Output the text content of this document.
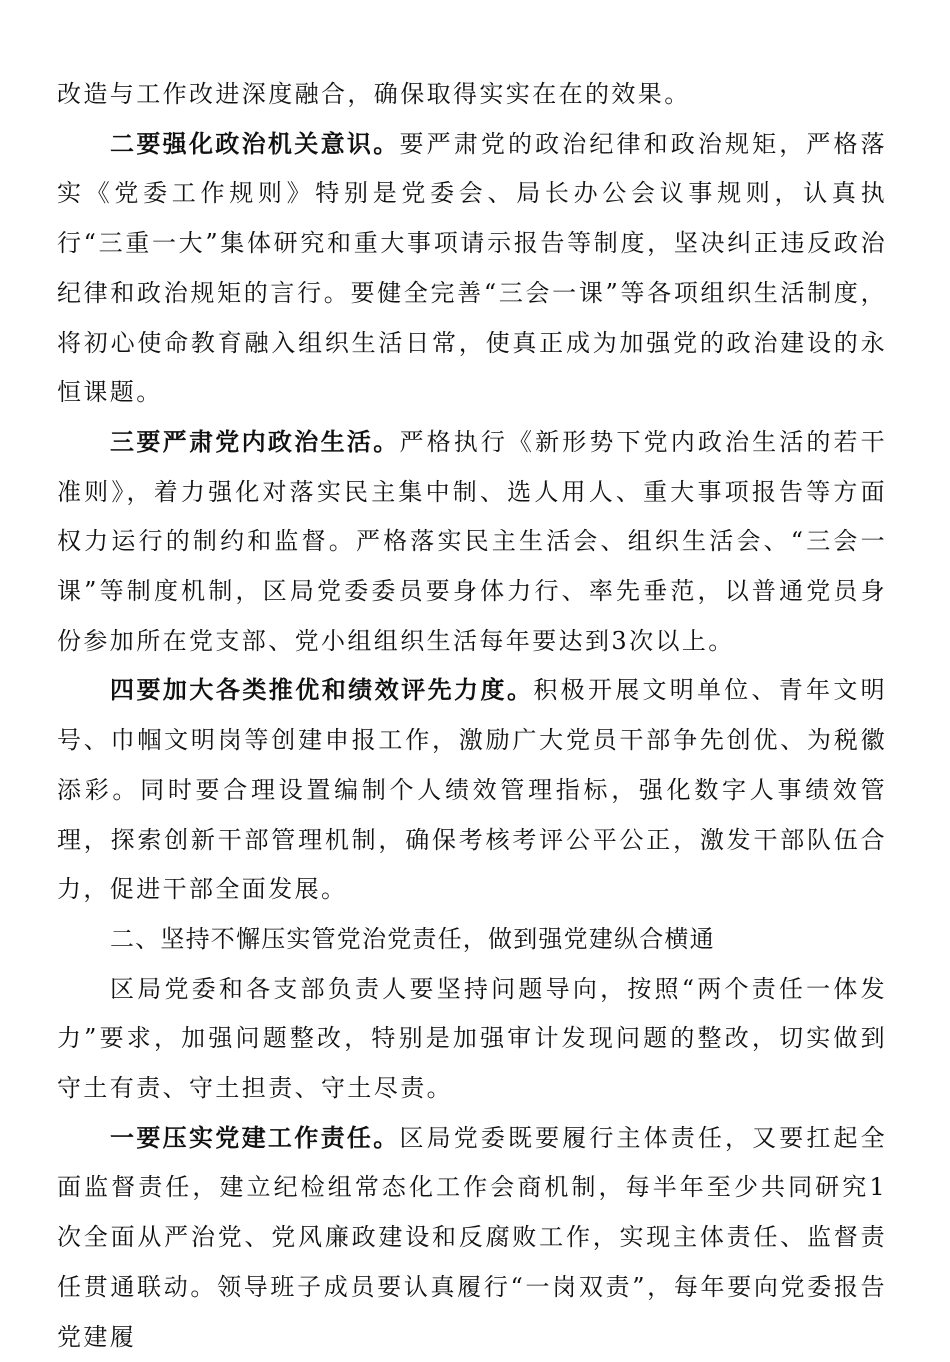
改造与工作改进深度融合，确保取得实实在在的效果。

二要强化政治机关意识。要严肃党的政治纪律和政治规矩，严格落实《党委工作规则》特别是党委会、局长办公会议事规则，认真执行“三重一大”集体研究和重大事项请示报告等制度，坚决纠正违反政治纪律和政治规矩的言行。要健全完善“三会一课”等各项组织生活制度，将初心使命教育融入组织生活日常，使真正成为加强党的政治建设的永恒课题。

三要严肃党内政治生活。严格执行《新形势下党内政治生活的若干准则》，着力强化对落实民主集中制、选人用人、重大事项报告等方面权力运行的制约和监督。严格落实民主生活会、组织生活会、“三会一课”等制度机制，区局党委委员要身体力行、率先垂范，以普通党员身份参加所在党支部、党小组组织生活每年要达到3次以上。

四要加大各类推优和绩效评先力度。积极开展文明单位、青年文明号、巾帼文明岗等创建申报工作，激励广大党员干部争先创优、为税徽添彩。同时要合理设置编制个人绩效管理指标，强化数字人事绩效管理，探索创新干部管理机制，确保考核考评公平公正，激发干部队伍合力，促进干部全面发展。

二、坚持不懈压实管党治党责任，做到强党建纵合横通

区局党委和各支部负责人要坚持问题导向，按照“两个责任一体发力”要求，加强问题整改，特别是加强审计发现问题的整改，切实做到守土有责、守土担责、守土尽责。

一要压实党建工作责任。区局党委既要履行主体责任，又要扛起全面监督责任，建立纪检组常态化工作会商机制，每半年至少共同研究1次全面从严治党、党风廉政建设和反腐败工作，实现主体责任、监督责任贯通联动。领导班子成员要认真履行“一岗双责”，每年要向党委报告党建履
